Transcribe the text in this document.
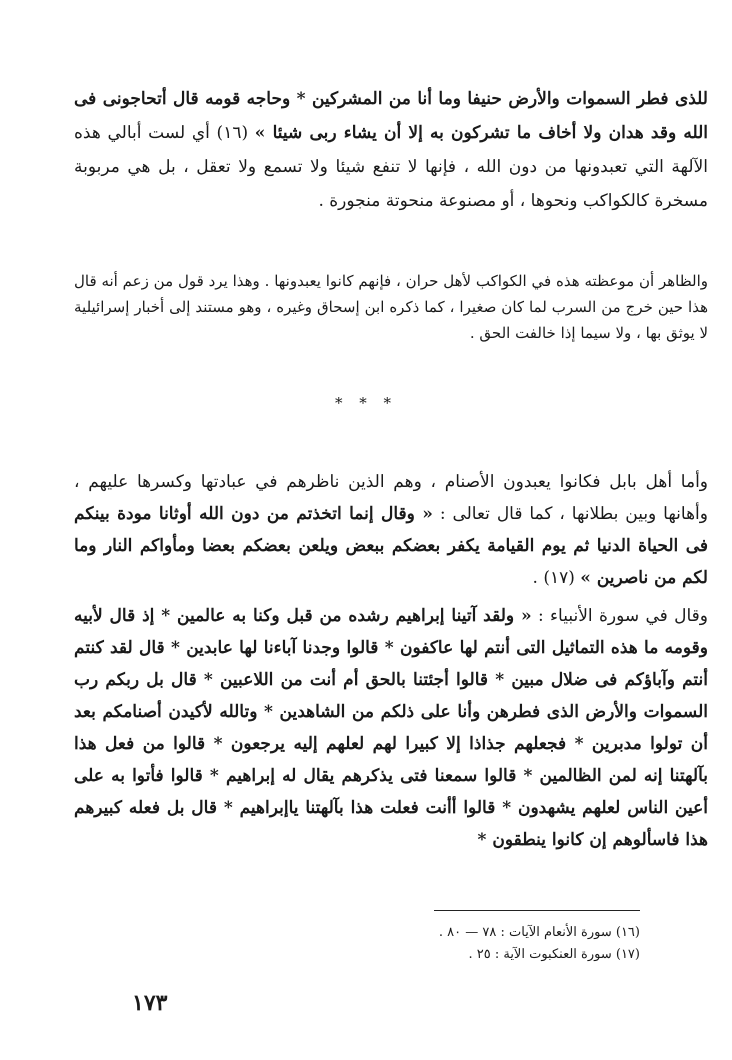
للذى فطر السموات والأرض حنيفا وما أنا من المشركين * وحاجه قومه قال أتحاجونى فى الله وقد هدان ولا أخاف ما تشركون به إلا أن يشاء ربى شيئا » (١٦) أي لست أبالي هذه الآلهة التي تعبدونها من دون الله ، فإنها لا تنفع شيئا ولا تسمع ولا تعقل ، بل هي مربوبة مسخرة كالكواكب ونحوها ، أو مصنوعة منحوتة منجورة .

والظاهر أن موعظته هذه في الكواكب لأهل حران ، فإنهم كانوا يعبدونها . وهذا يرد قول من زعم أنه قال هذا حين خرج من السرب لما كان صغيرا ، كما ذكره ابن إسحاق وغيره ، وهو مستند إلى أخبار إسرائيلية لا يوثق بها ، ولا سيما إذا خالفت الحق .

* * *

وأما أهل بابل فكانوا يعبدون الأصنام ، وهم الذين ناظرهم في عبادتها وكسرها عليهم ، وأهانها وبين بطلانها ، كما قال تعالى : « وقال إنما اتخذتم من دون الله أوثانا مودة بينكم فى الحياة الدنيا ثم يوم القيامة يكفر بعضكم ببعض ويلعن بعضكم بعضا ومأواكم النار وما لكم من ناصرين » (١٧) .

وقال في سورة الأنبياء : « ولقد آتينا إبراهيم رشده من قبل وكنا به عالمين * إذ قال لأبيه وقومه ما هذه التماثيل التى أنتم لها عاكفون * قالوا وجدنا آباءنا لها عابدين * قال لقد كنتم أنتم وآباؤكم فى ضلال مبين * قالوا أجئتنا بالحق أم أنت من اللاعبين * قال بل ربكم رب السموات والأرض الذى فطرهن وأنا على ذلكم من الشاهدين * وتالله لأكيدن أصنامكم بعد أن تولوا مدبرين * فجعلهم جذاذا إلا كبيرا لهم لعلهم إليه يرجعون * قالوا من فعل هذا بآلهتنا إنه لمن الظالمين * قالوا سمعنا فتى يذكرهم يقال له إبراهيم * قالوا فأتوا به على أعين الناس لعلهم يشهدون * قالوا أأنت فعلت هذا بآلهتنا ياإبراهيم * قال بل فعله كبيرهم هذا فاسألوهم إن كانوا ينطقون *

(١٦) سورة الأنعام الآيات : ٧٨ — ٨٠ .
(١٧) سورة العنكبوت الآية : ٢٥ .
١٧٣
